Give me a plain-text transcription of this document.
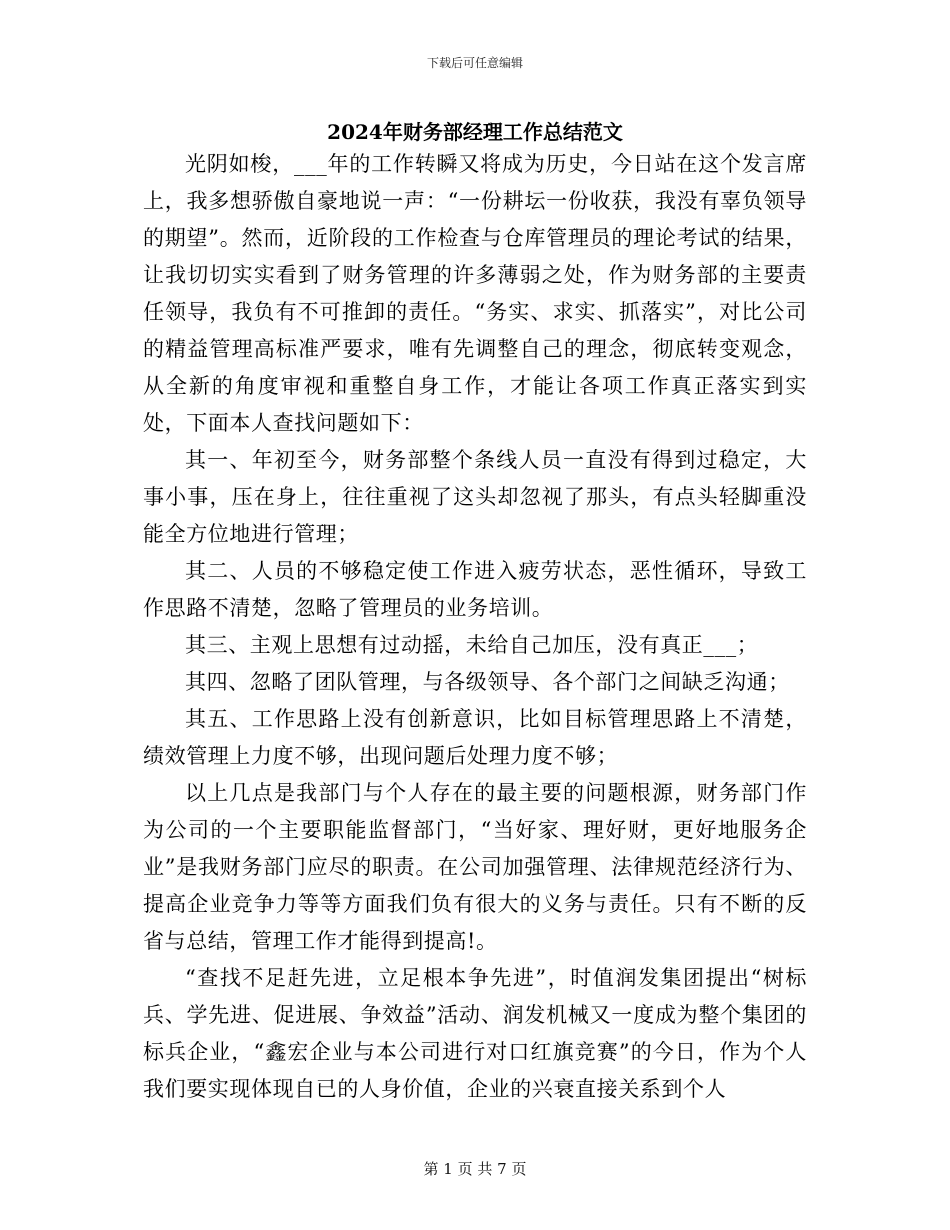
下载后可任意编辑
2024年财务部经理工作总结范文

光阴如梭，___年的工作转瞬又将成为历史，今日站在这个发言席上，我多想骄傲自豪地说一声：“一份耕坛一份收获，我没有辜负领导的期望”。然而，近阶段的工作检查与仓库管理员的理论考试的结果，让我切切实实看到了财务管理的许多薄弱之处，作为财务部的主要责任领导，我负有不可推卸的责任。“务实、求实、抓落实”，对比公司的精益管理高标准严要求，唯有先调整自己的理念，彻底转变观念，从全新的角度审视和重整自身工作，才能让各项工作真正落实到实处，下面本人查找问题如下：

其一、年初至今，财务部整个条线人员一直没有得到过稳定，大事小事，压在身上，往往重视了这头却忽视了那头，有点头轻脚重没能全方位地进行管理；

其二、人员的不够稳定使工作进入疲劳状态，恶性循环，导致工作思路不清楚，忽略了管理员的业务培训。

其三、主观上思想有过动摇，未给自己加压，没有真正___；

其四、忽略了团队管理，与各级领导、各个部门之间缺乏沟通；

其五、工作思路上没有创新意识，比如目标管理思路上不清楚，绩效管理上力度不够，出现问题后处理力度不够；

以上几点是我部门与个人存在的最主要的问题根源，财务部门作为公司的一个主要职能监督部门，“当好家、理好财，更好地服务企业”是我财务部门应尽的职责。在公司加强管理、法律规范经济行为、提高企业竞争力等等方面我们负有很大的义务与责任。只有不断的反省与总结，管理工作才能得到提高!。

“查找不足赶先进，立足根本争先进”，时值润发集团提出“树标兵、学先进、促进展、争效益”活动、润发机械又一度成为整个集团的标兵企业，“鑫宏企业与本公司进行对口红旗竞赛”的今日，作为个人我们要实现体现自已的人身价值，企业的兴衰直接关系到个人

第 1 页 共 7 页
